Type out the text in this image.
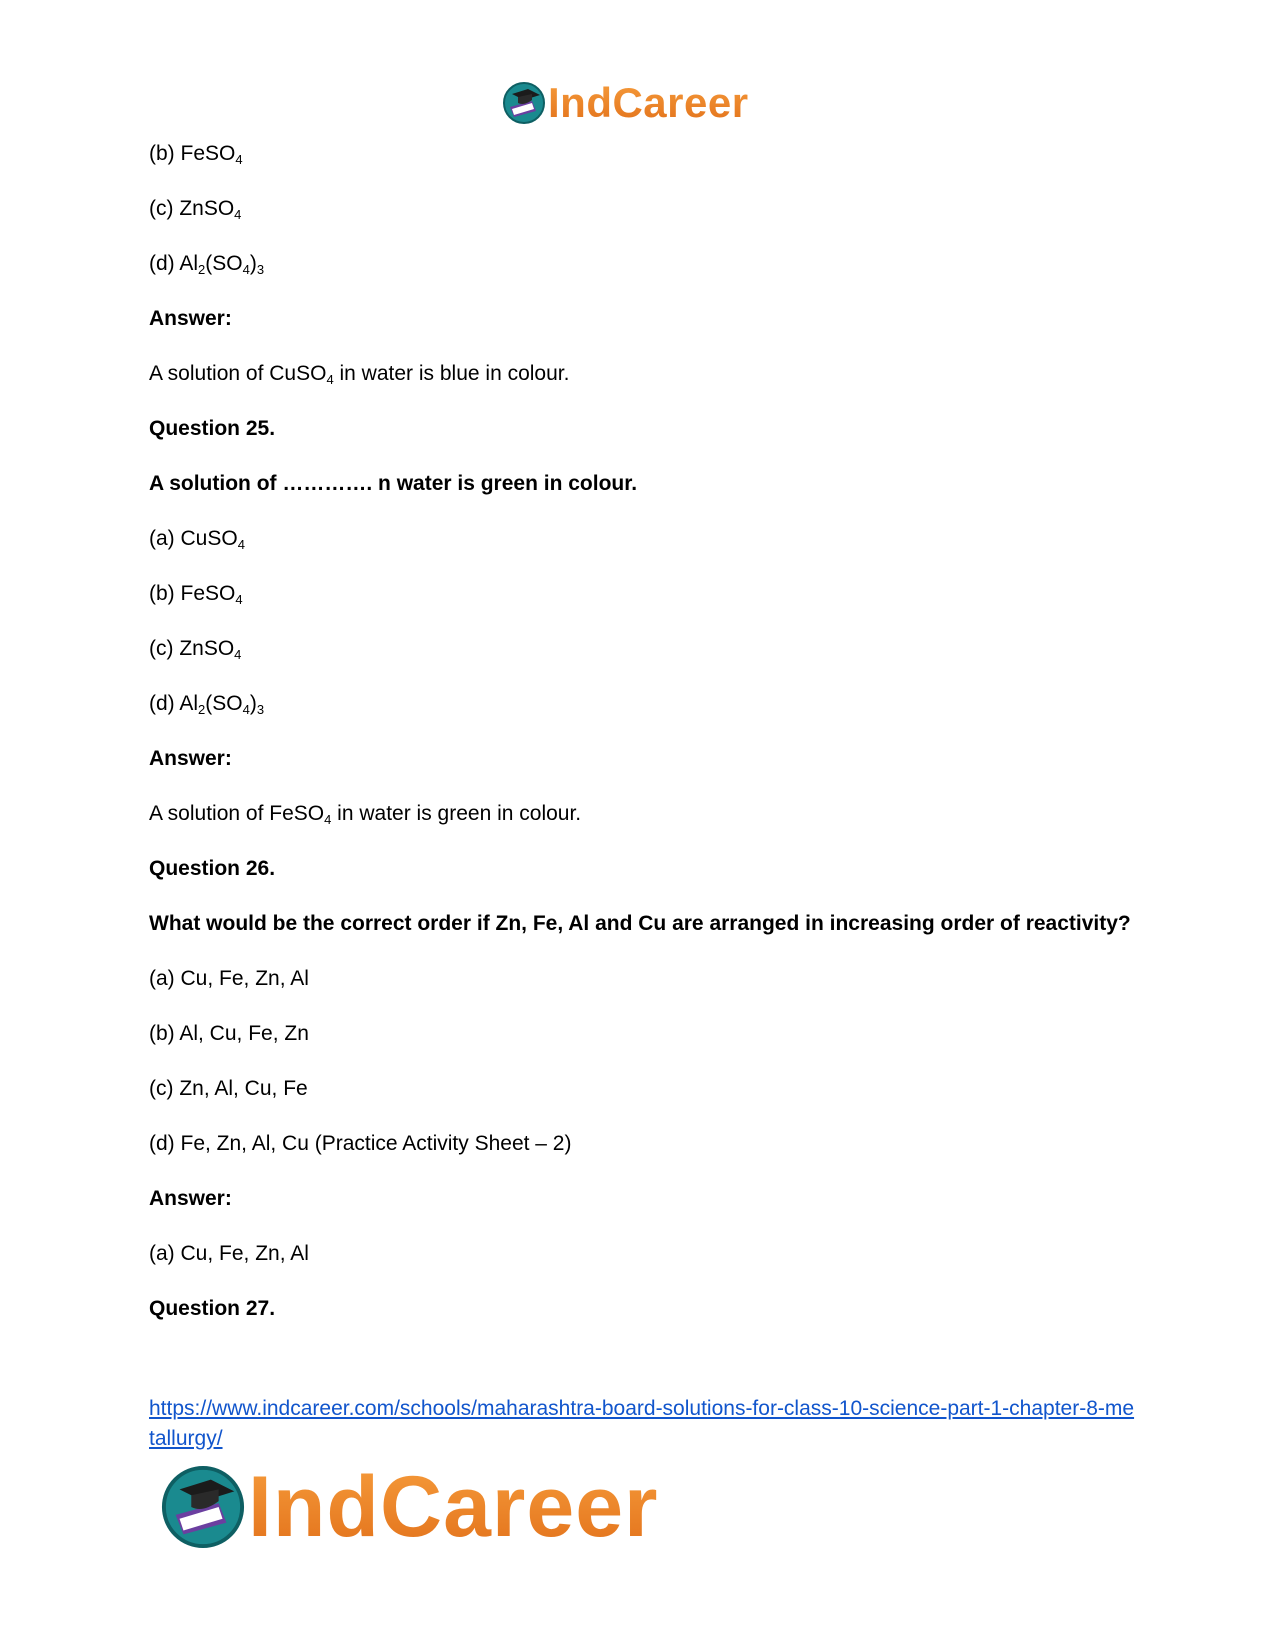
IndCareer
(b) FeSO$_4$
(c) ZnSO$_4$
(d) $Al_2(SO_4)_3$
Answer:
A solution of CuSO$_4$ in water is blue in colour.
Question 25.
A solution of …………. n water is green in colour.
(a) CuSO$_4$
(b) FeSO$_4$
(c) ZnSO$_4$
(d) $Al_2(SO_4)_3$
Answer:
A solution of FeSO$_4$ in water is green in colour.
Question 26.
What would be the correct order if Zn, Fe, Al and Cu are arranged in increasing order of reactivity?
(a) Cu, Fe, Zn, Al
(b) Al, Cu, Fe, Zn
(c) Zn, Al, Cu, Fe
(d) Fe, Zn, Al, Cu (Practice Activity Sheet – 2)
Answer:
(a) Cu, Fe, Zn, Al
Question 27.
https://www.indcareer.com/schools/maharashtra-board-solutions-for-class-10-science-part-1-chapter-8-metallurgy/
IndCareer
